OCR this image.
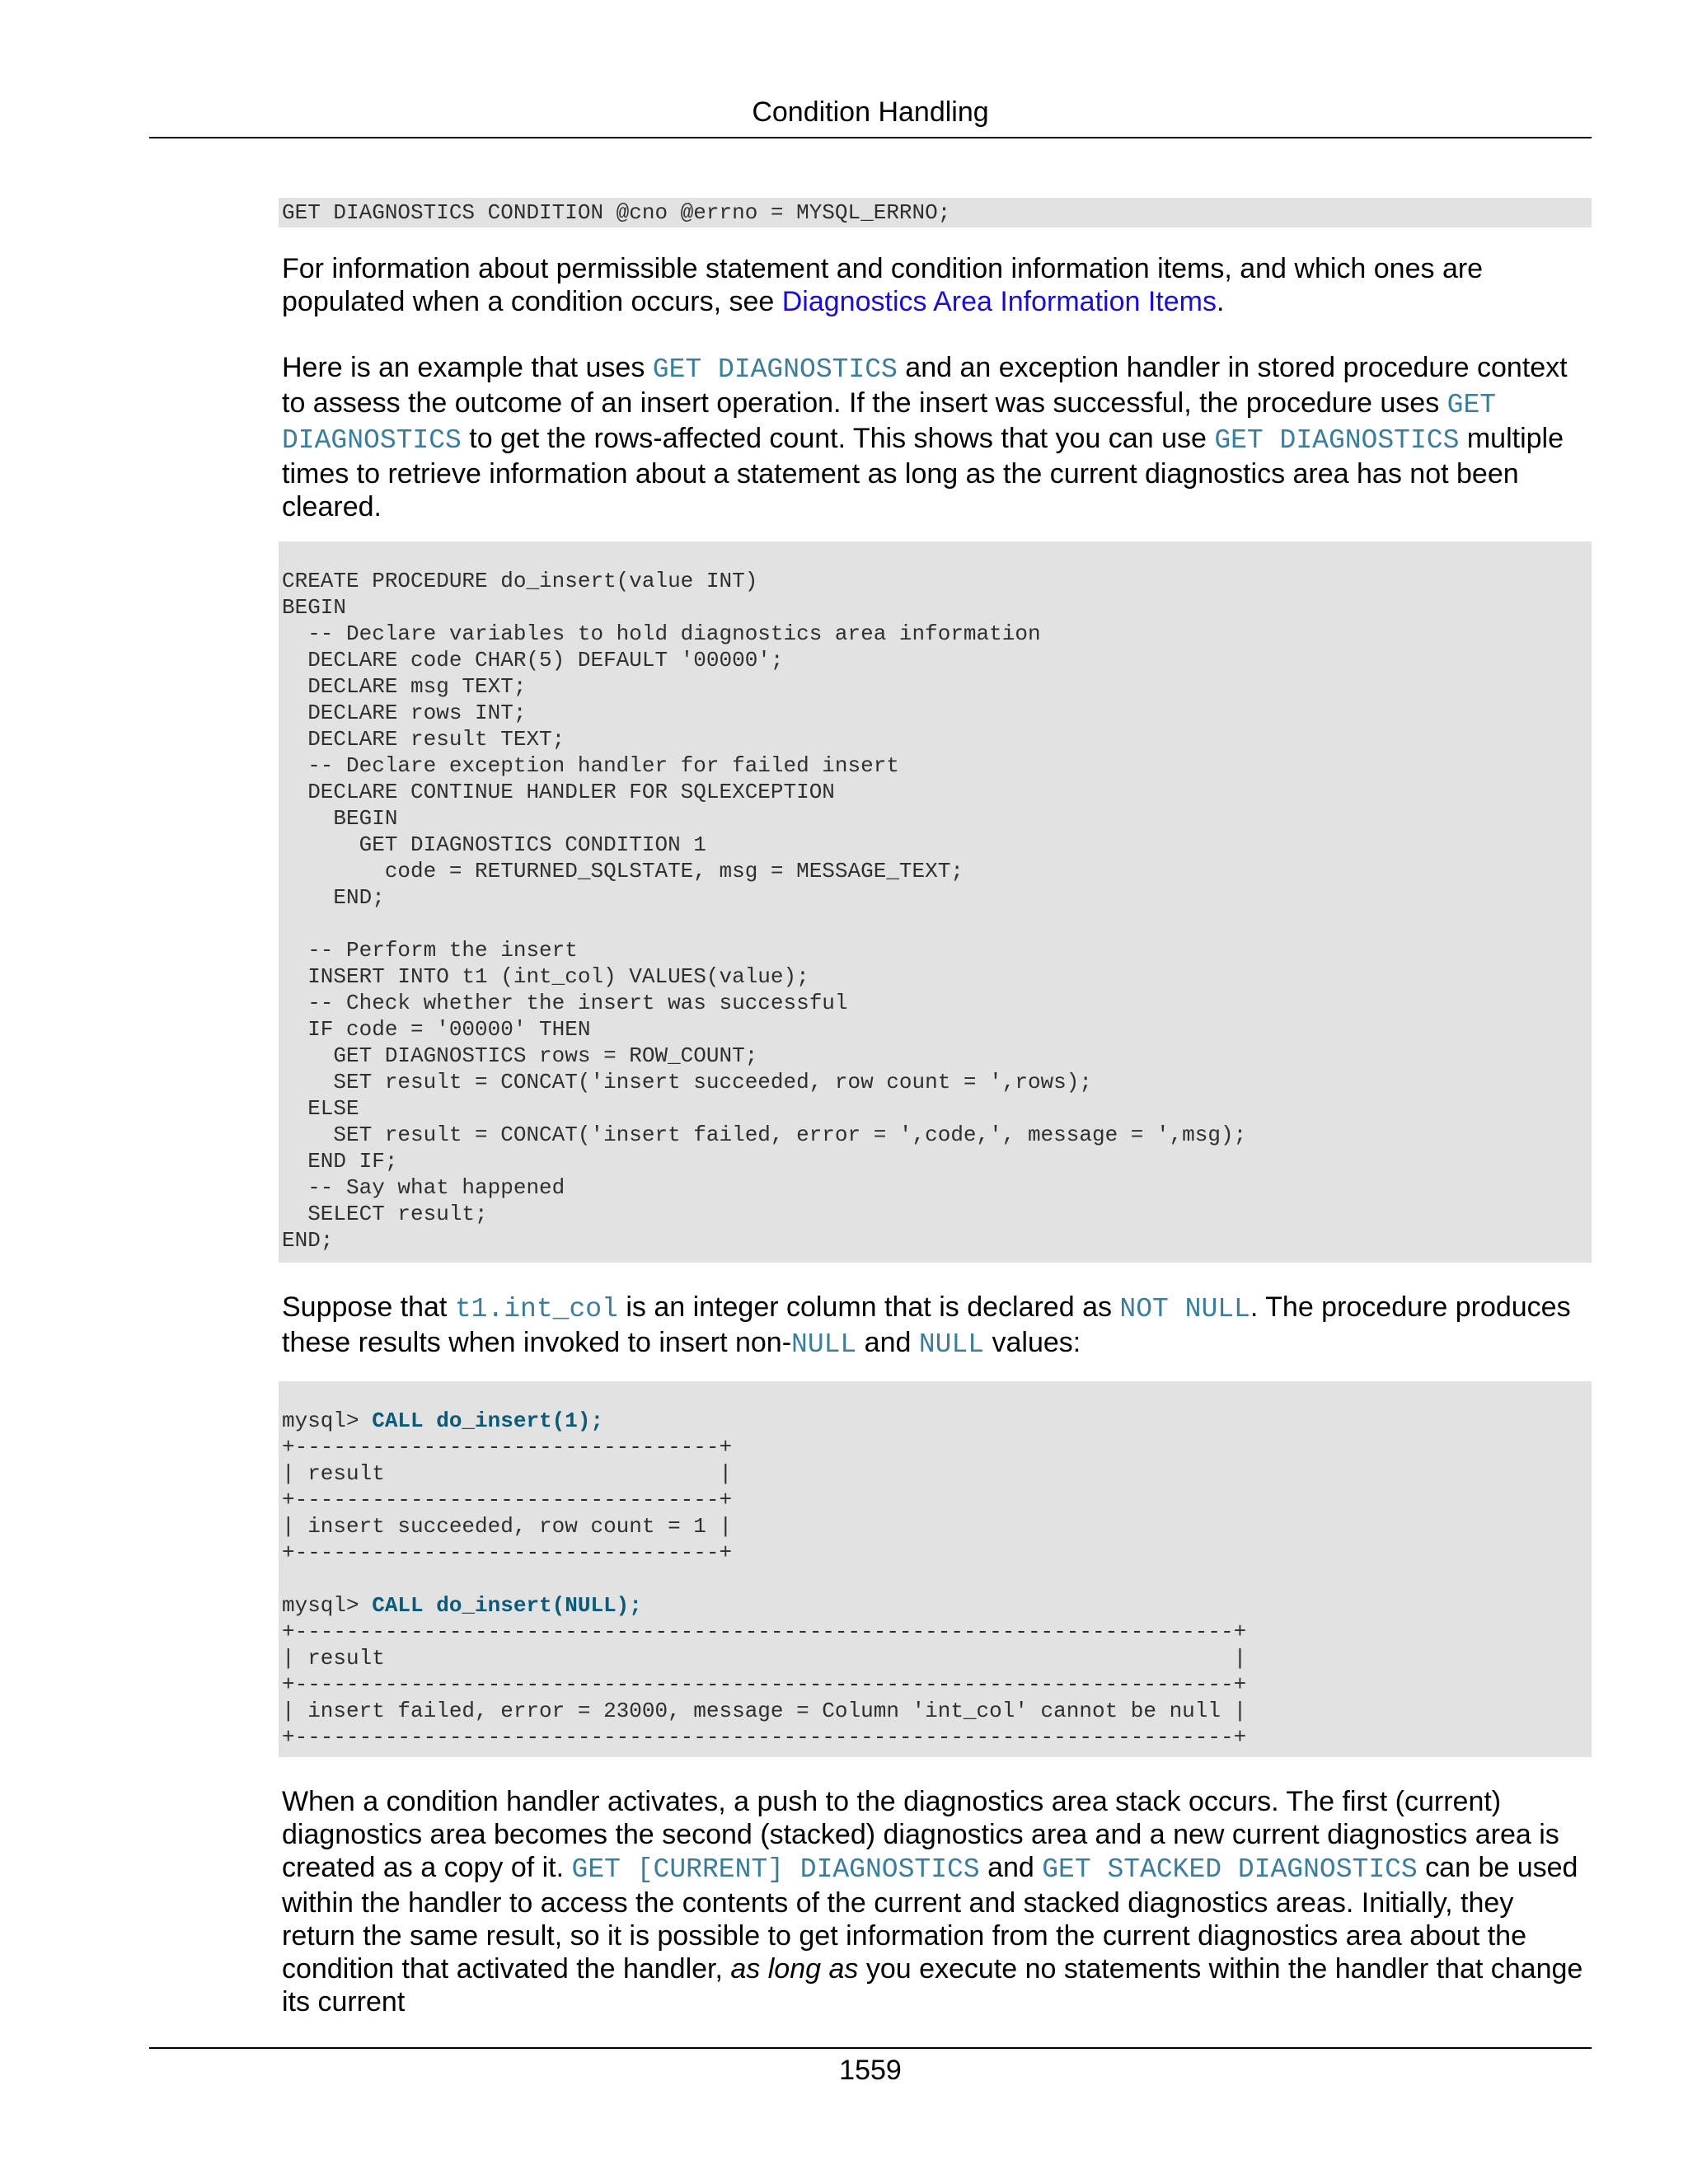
Condition Handling
GET DIAGNOSTICS CONDITION @cno @errno = MYSQL_ERRNO;

For information about permissible statement and condition information items, and which ones are populated when a condition occurs, see Diagnostics Area Information Items.

Here is an example that uses GET DIAGNOSTICS and an exception handler in stored procedure context to assess the outcome of an insert operation. If the insert was successful, the procedure uses GET DIAGNOSTICS to get the rows-affected count. This shows that you can use GET DIAGNOSTICS multiple times to retrieve information about a statement as long as the current diagnostics area has not been cleared.

CREATE PROCEDURE do_insert(value INT)
BEGIN
-- Declare variables to hold diagnostics area information
DECLARE code CHAR(5) DEFAULT '00000';
DECLARE msg TEXT;
DECLARE rows INT;
DECLARE result TEXT;
-- Declare exception handler for failed insert
DECLARE CONTINUE HANDLER FOR SQLEXCEPTION
BEGIN
GET DIAGNOSTICS CONDITION 1
code = RETURNED_SQLSTATE, msg = MESSAGE_TEXT;
END;

-- Perform the insert
INSERT INTO t1 (int_col) VALUES(value);
-- Check whether the insert was successful
IF code = '00000' THEN
GET DIAGNOSTICS rows = ROW_COUNT;
SET result = CONCAT('insert succeeded, row count = ',rows);
ELSE
SET result = CONCAT('insert failed, error = ',code,', message = ',msg);
END IF;
-- Say what happened
SELECT result;
END;

Suppose that t1.int_col is an integer column that is declared as NOT NULL. The procedure produces these results when invoked to insert non-NULL and NULL values:

mysql> CALL do_insert(1);
+---------------------------------+
| result                          |
+---------------------------------+
| insert succeeded, row count = 1 |
+---------------------------------+

mysql> CALL do_insert(NULL);
+-------------------------------------------------------------------------+
| result                                                                  |
+-------------------------------------------------------------------------+
| insert failed, error = 23000, message = Column 'int_col' cannot be null |
+-------------------------------------------------------------------------+

When a condition handler activates, a push to the diagnostics area stack occurs. The first (current) diagnostics area becomes the second (stacked) diagnostics area and a new current diagnostics area is created as a copy of it. GET [CURRENT] DIAGNOSTICS and GET STACKED DIAGNOSTICS can be used within the handler to access the contents of the current and stacked diagnostics areas. Initially, they return the same result, so it is possible to get information from the current diagnostics area about the condition that activated the handler, as long as you execute no statements within the handler that change its current

1559
